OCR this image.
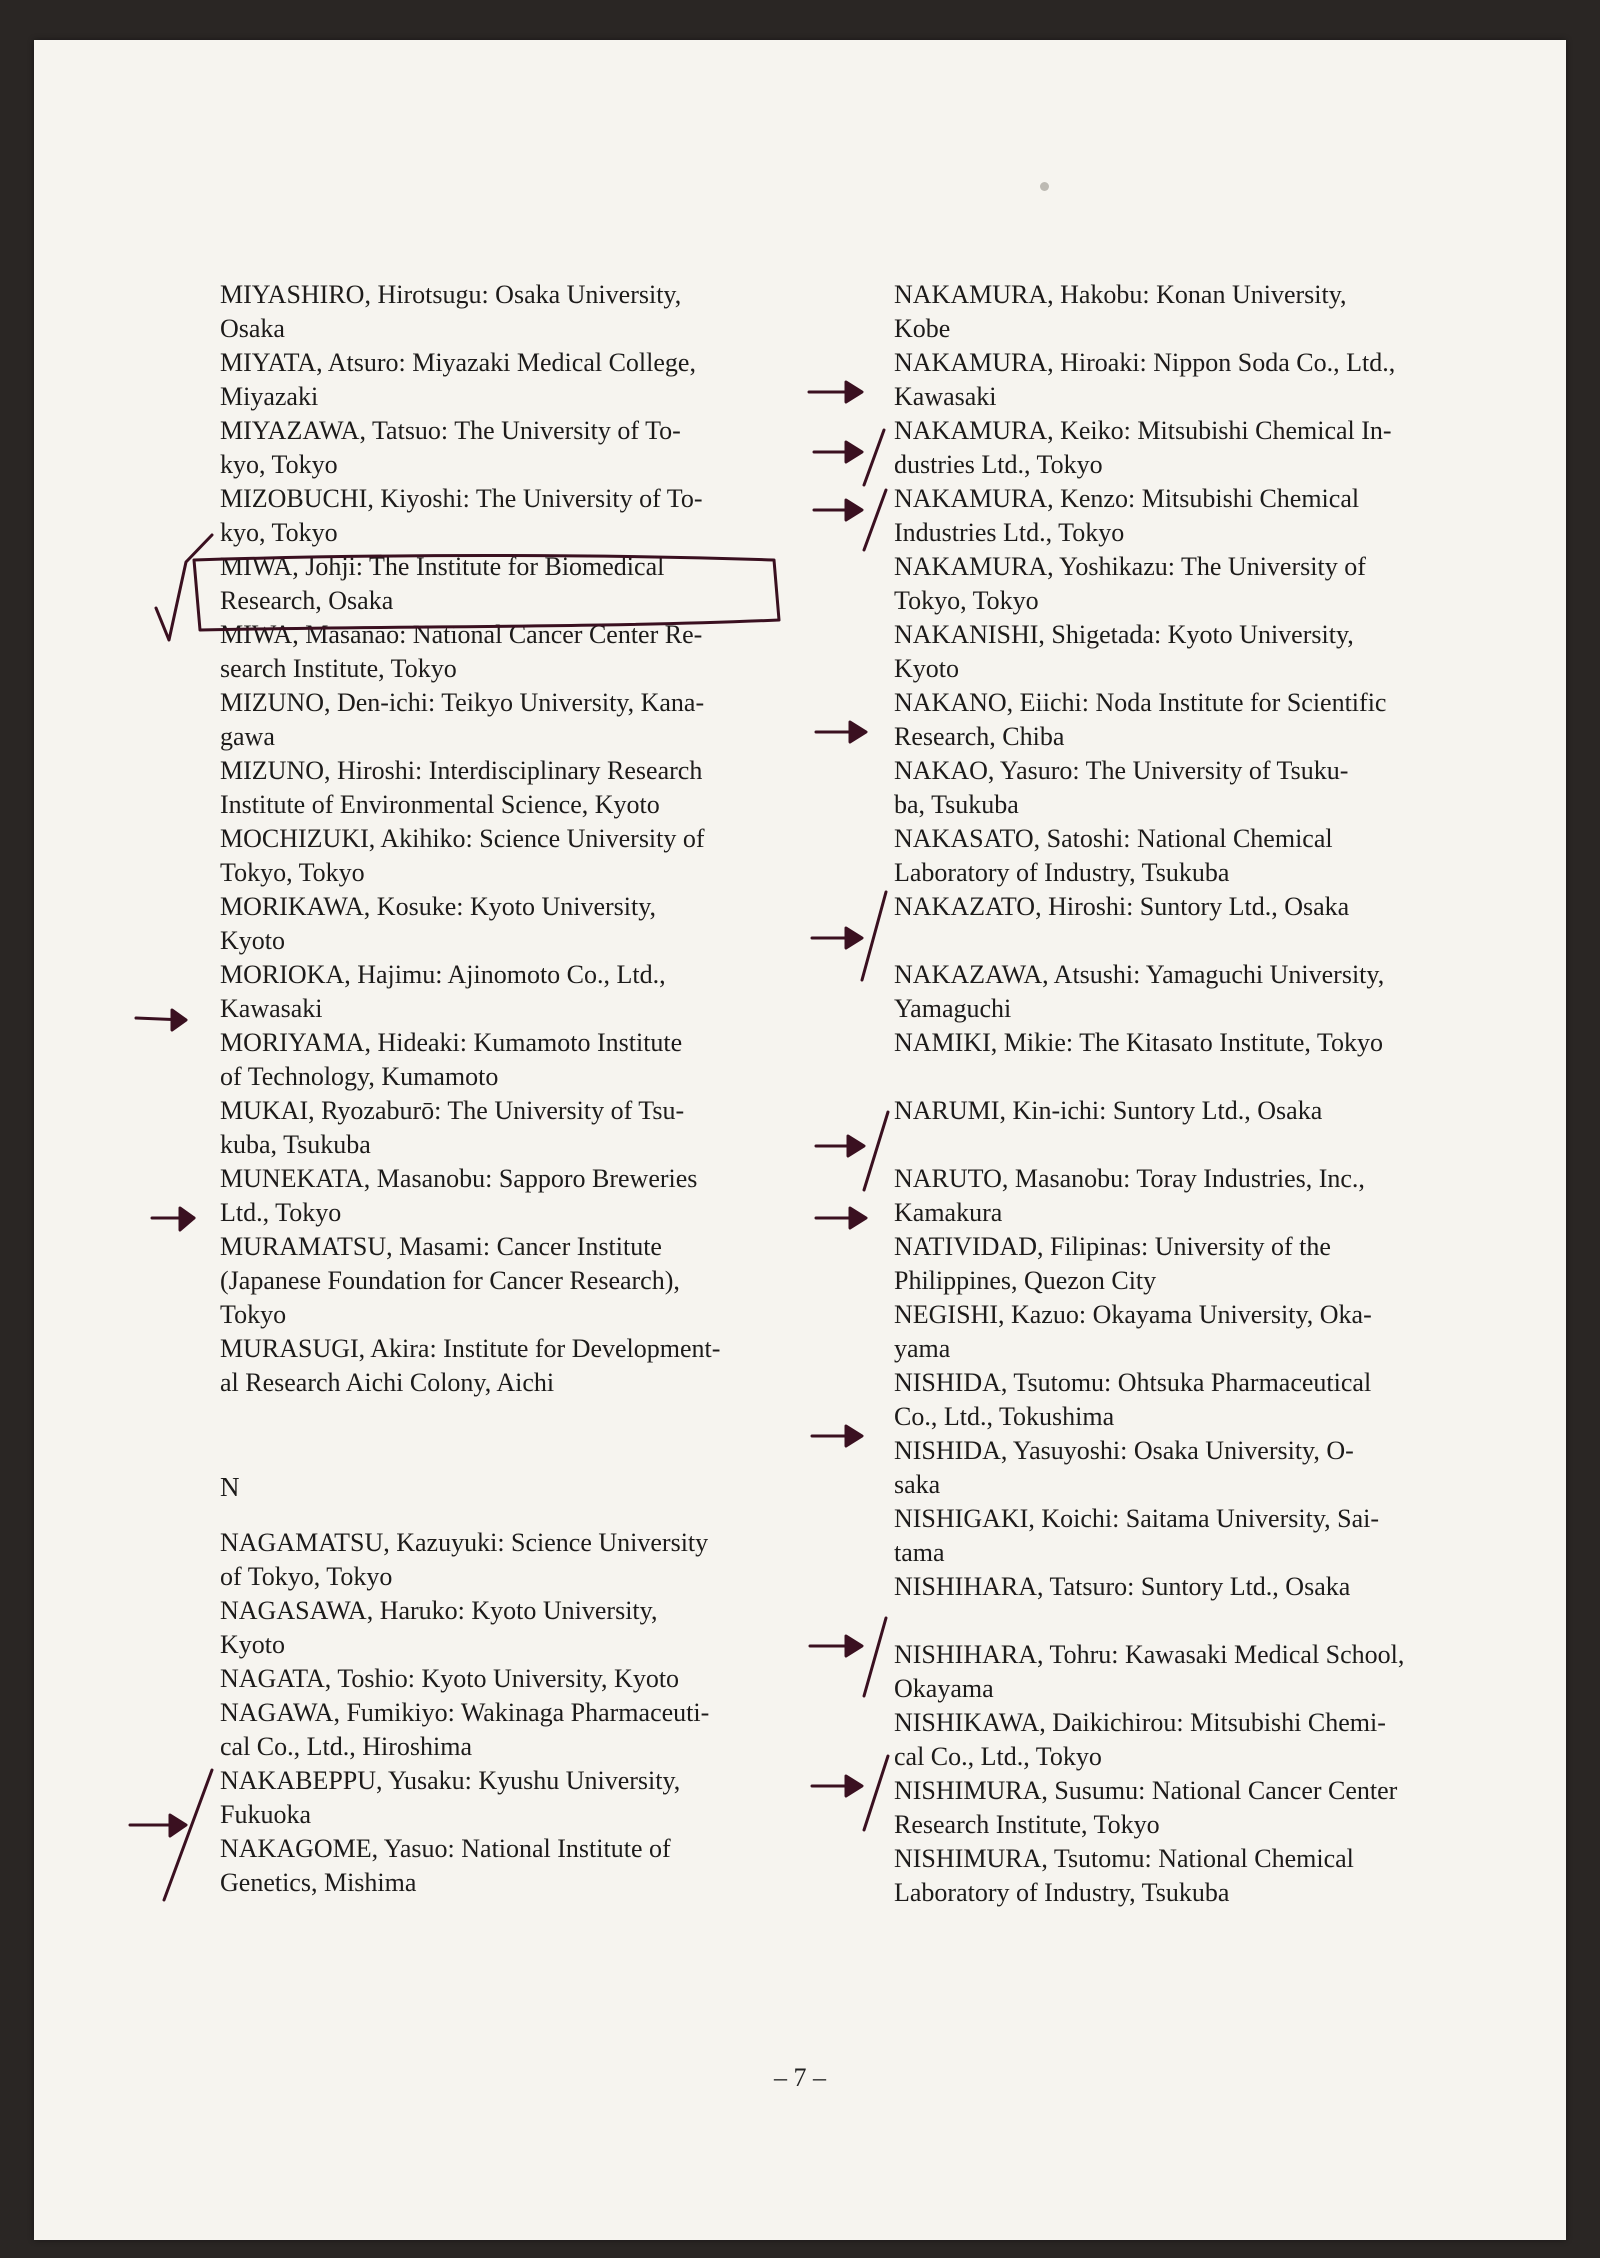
MIYASHIRO, Hirotsugu: Osaka University,
Osaka
MIYATA, Atsuro: Miyazaki Medical College,
Miyazaki
MIYAZAWA, Tatsuo: The University of To-
kyo, Tokyo
MIZOBUCHI, Kiyoshi: The University of To-
kyo, Tokyo
MIWA, Johji: The Institute for Biomedical
Research, Osaka
MIWA, Masanao: National Cancer Center Re-
search Institute, Tokyo
MIZUNO, Den-ichi: Teikyo University, Kana-
gawa
MIZUNO, Hiroshi: Interdisciplinary Research
Institute of Environmental Science, Kyoto
MOCHIZUKI, Akihiko: Science University of
Tokyo, Tokyo
MORIKAWA, Kosuke: Kyoto University,
Kyoto
MORIOKA, Hajimu: Ajinomoto Co., Ltd.,
Kawasaki
MORIYAMA, Hideaki: Kumamoto Institute
of Technology, Kumamoto
MUKAI, Ryozaburō: The University of Tsu-
kuba, Tsukuba
MUNEKATA, Masanobu: Sapporo Breweries
Ltd., Tokyo
MURAMATSU, Masami: Cancer Institute
(Japanese Foundation for Cancer Research),
Tokyo
MURASUGI, Akira: Institute for Development-
al Research Aichi Colony, Aichi
N
NAGAMATSU, Kazuyuki: Science University
of Tokyo, Tokyo
NAGASAWA, Haruko: Kyoto University,
Kyoto
NAGATA, Toshio: Kyoto University, Kyoto
NAGAWA, Fumikiyo: Wakinaga Pharmaceuti-
cal Co., Ltd., Hiroshima
NAKABEPPU, Yusaku: Kyushu University,
Fukuoka
NAKAGOME, Yasuo: National Institute of
Genetics, Mishima
NAKAMURA, Hakobu: Konan University,
Kobe
NAKAMURA, Hiroaki: Nippon Soda Co., Ltd.,
Kawasaki
NAKAMURA, Keiko: Mitsubishi Chemical In-
dustries Ltd., Tokyo
NAKAMURA, Kenzo: Mitsubishi Chemical
Industries Ltd., Tokyo
NAKAMURA, Yoshikazu: The University of
Tokyo, Tokyo
NAKANISHI, Shigetada: Kyoto University,
Kyoto
NAKANO, Eiichi: Noda Institute for Scientific
Research, Chiba
NAKAO, Yasuro: The University of Tsuku-
ba, Tsukuba
NAKASATO, Satoshi: National Chemical
Laboratory of Industry, Tsukuba
NAKAZATO, Hiroshi: Suntory Ltd., Osaka
NAKAZAWA, Atsushi: Yamaguchi University,
Yamaguchi
NAMIKI, Mikie: The Kitasato Institute, Tokyo
NARUMI, Kin-ichi: Suntory Ltd., Osaka
NARUTO, Masanobu: Toray Industries, Inc.,
Kamakura
NATIVIDAD, Filipinas: University of the
Philippines, Quezon City
NEGISHI, Kazuo: Okayama University, Oka-
yama
NISHIDA, Tsutomu: Ohtsuka Pharmaceutical
Co., Ltd., Tokushima
NISHIDA, Yasuyoshi: Osaka University, O-
saka
NISHIGAKI, Koichi: Saitama University, Sai-
tama
NISHIHARA, Tatsuro: Suntory Ltd., Osaka
NISHIHARA, Tohru: Kawasaki Medical School,
Okayama
NISHIKAWA, Daikichirou: Mitsubishi Chemi-
cal Co., Ltd., Tokyo
NISHIMURA, Susumu: National Cancer Center
Research Institute, Tokyo
NISHIMURA, Tsutomu: National Chemical
Laboratory of Industry, Tsukuba
– 7 –
